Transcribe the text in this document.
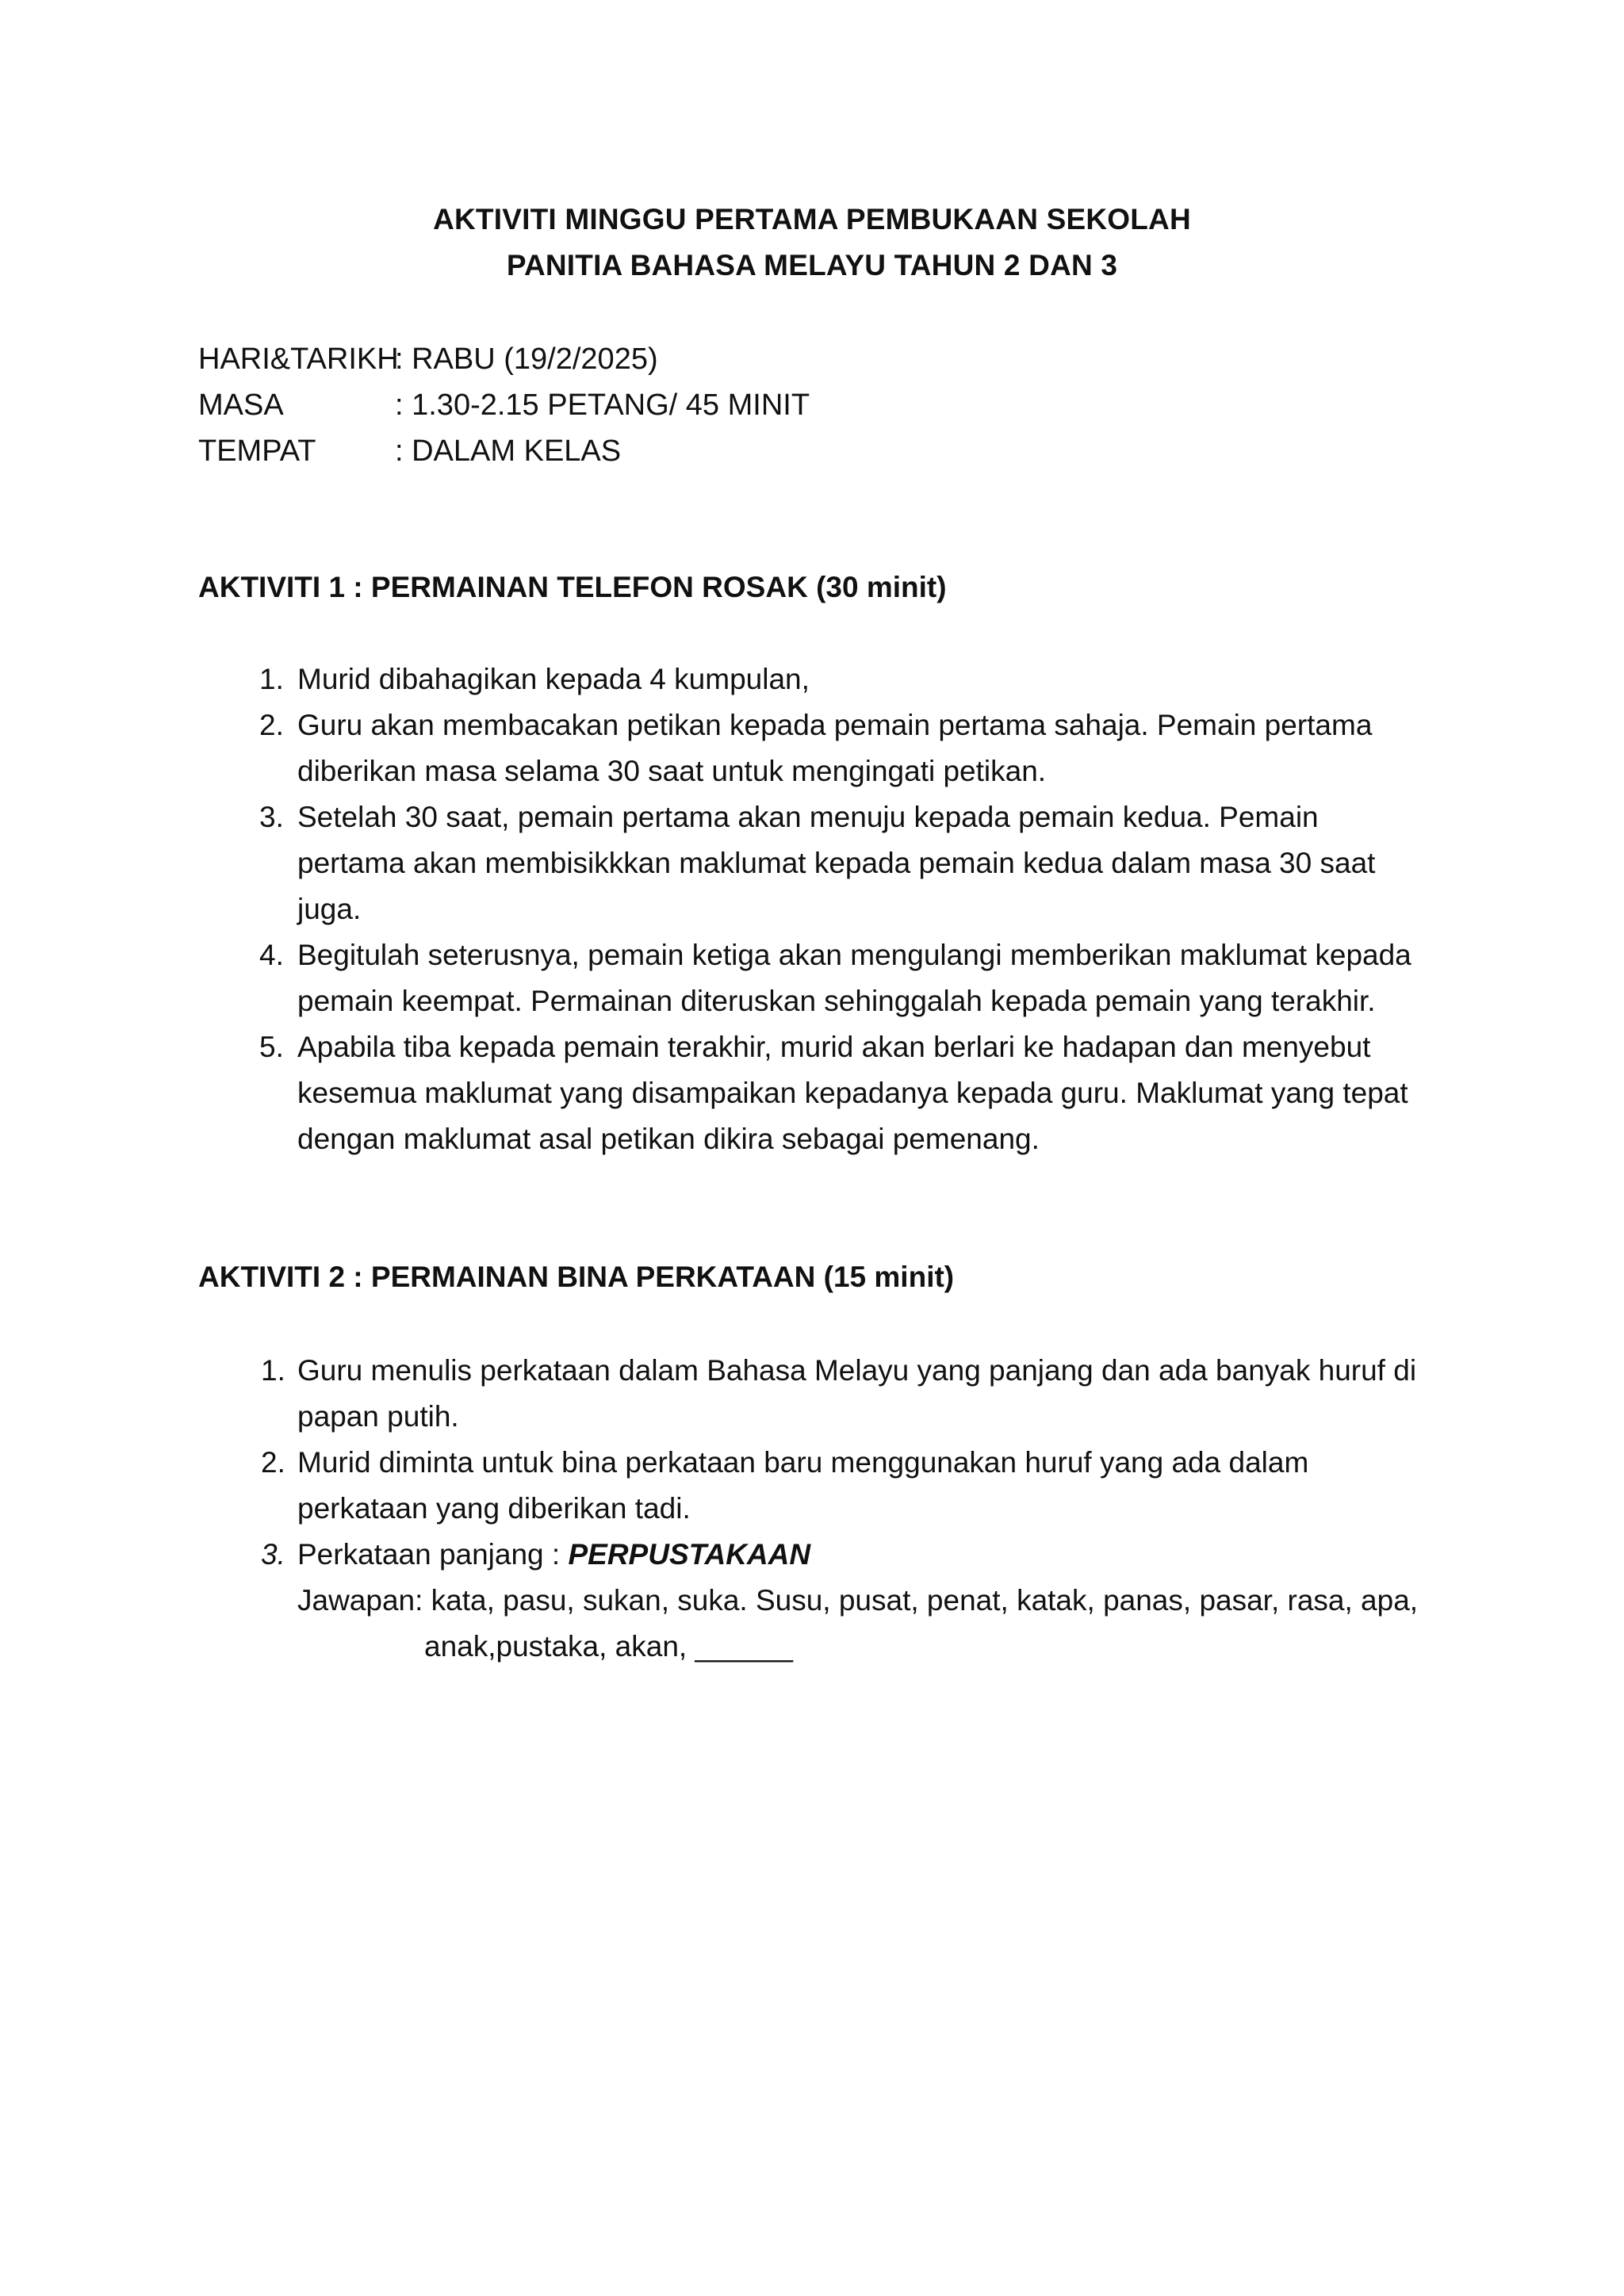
AKTIVITI MINGGU PERTAMA PEMBUKAAN SEKOLAH
PANITIA BAHASA MELAYU TAHUN 2 DAN 3
HARI&TARIKH
: RABU (19/2/2025)
MASA	: 1.30-2.15 PETANG/ 45 MINIT
TEMPAT	: DALAM KELAS
AKTIVITI 1 : PERMAINAN TELEFON ROSAK (30 minit)
1. Murid dibahagikan kepada 4 kumpulan,
2. Guru akan membacakan petikan kepada pemain pertama sahaja. Pemain pertama
diberikan masa selama 30 saat untuk mengingati petikan.
3. Setelah 30 saat, pemain pertama akan menuju kepada pemain kedua. Pemain
pertama akan membisikkkan maklumat kepada pemain kedua dalam masa 30 saat
juga.
4. Begitulah seterusnya, pemain ketiga akan mengulangi memberikan maklumat kepada
pemain keempat. Permainan diteruskan sehinggalah kepada pemain yang terakhir.
5. Apabila tiba kepada pemain terakhir, murid akan berlari ke hadapan dan menyebut
kesemua maklumat yang disampaikan kepadanya kepada guru. Maklumat yang tepat
dengan maklumat asal petikan dikira sebagai pemenang.
AKTIVITI 2 : PERMAINAN BINA PERKATAAN (15 minit)
1. Guru menulis perkataan dalam Bahasa Melayu yang panjang dan ada banyak huruf di
papan putih.
2. Murid diminta untuk bina perkataan baru menggunakan huruf yang ada dalam
perkataan yang diberikan tadi.
3. Perkataan panjang : PERPUSTAKAAN
Jawapan: kata, pasu, sukan, suka. Susu, pusat, penat, katak, panas, pasar, rasa, apa,
anak,pustaka, akan, ______
